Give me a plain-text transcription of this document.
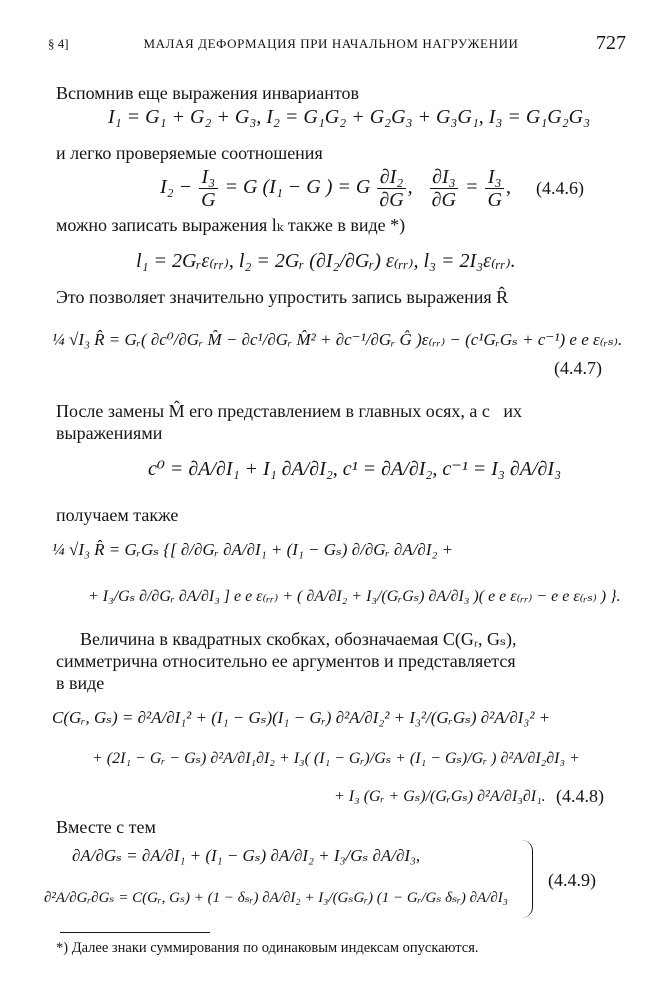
§ 4]	МАЛАЯ ДЕФОРМАЦИЯ ПРИ НАЧАЛЬНОМ НАГРУЖЕНИИ	727
Вспомнив еще выражения инвариантов
I₁ = G₁ + G₂ + G₃, I₂ = G₁G₂ + G₂G₃ + G₃G₁, I₃ = G₁G₂G₃
и легко проверяемые соотношения
$I_2 - \frac{\text{I₃}}{G} = G$ (I₁ − G ) = G $\frac{\text{∂I₂}}{\partial G}$ , $\frac{\text{∂I₃}}{\partial G} = \frac{\text{I₃}}{G}$ , (4.4.6)
можно записать выражения lₖ также в виде *)
l₁ = 2Gᵣε₍ᵣᵣ₎, l₂ = 2Gᵣ (∂I₂/∂Gᵣ) ε₍ᵣᵣ₎, l₃ = 2I₃ε₍ᵣᵣ₎.
Это позволяет значительно упростить запись выражения R̂
¼ √I₃ R̂ = Gᵣ( ∂c⁰/∂Gᵣ M̂ − ∂c¹/∂Gᵣ M̂² + ∂c⁻¹/∂Gᵣ Ĝ )ε₍ᵣᵣ₎ − (c¹GᵣGₛ + c⁻¹) e e ε₍ᵣₛ₎.
(4.4.7)
После замены M̂ его представлением в главных осях, а c их
выражениями
c⁰ = ∂A/∂I₁ + I₁ ∂A/∂I₂, c¹ = ∂A/∂I₂, c⁻¹ = I₃ ∂A/∂I₃
получаем также
¼ √I₃ R̂ = GᵣGₛ {[ ∂/∂Gᵣ ∂A/∂I₁ + (I₁ − Gₛ) ∂/∂Gᵣ ∂A/∂I₂ +
+ I₃/Gₛ ∂/∂Gᵣ ∂A/∂I₃ ] e e ε₍ᵣᵣ₎ + ( ∂A/∂I₂ + I₃/(GᵣGₛ) ∂A/∂I₃ )( e e ε₍ᵣᵣ₎ − e e ε₍ᵣₛ₎ ) }.
Величина в квадратных скобках, обозначаемая C(Gᵣ, Gₛ),
симметрична относительно ее аргументов и представляется
в виде
C(Gᵣ, Gₛ) = ∂²A/∂I₁² + (I₁ − Gₛ)(I₁ − Gᵣ) ∂²A/∂I₂² + I₃²/(GᵣGₛ) ∂²A/∂I₃² +
+ (2I₁ − Gᵣ − Gₛ) ∂²A/∂I₁∂I₂ + I₃( (I₁ − Gᵣ)/Gₛ + (I₁ − Gₛ)/Gᵣ ) ∂²A/∂I₂∂I₃ +
+ I₃ (Gᵣ + Gₛ)/(GᵣGₛ) ∂²A/∂I₃∂I₁. (4.4.8)
Вместе с тем
∂A/∂Gₛ = ∂A/∂I₁ + (I₁ − Gₛ) ∂A/∂I₂ + I₃/Gₛ ∂A/∂I₃,
∂²A/∂Gᵣ∂Gₛ = C(Gᵣ, Gₛ) + (1 − δₛᵣ) ∂A/∂I₂ + I₃/(GₛGᵣ) (1 − Gᵣ/Gₛ δₛᵣ) ∂A/∂I₃
(4.4.9)
*) Далее знаки суммирования по одинаковым индексам опускаются.
